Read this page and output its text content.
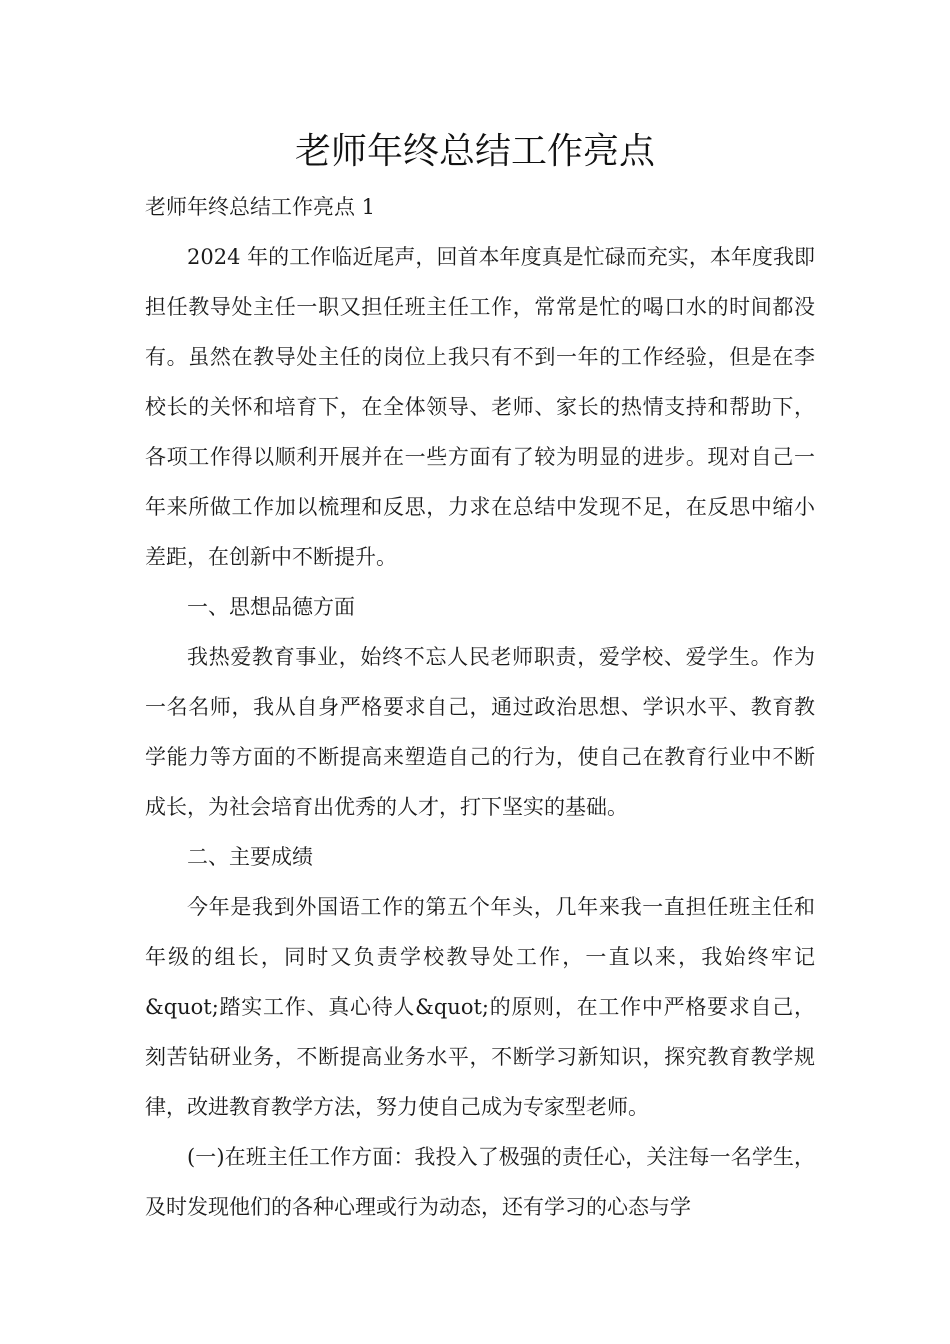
老师年终总结工作亮点

老师年终总结工作亮点 1

2024 年的工作临近尾声，回首本年度真是忙碌而充实，本年度我即担任教导处主任一职又担任班主任工作，常常是忙的喝口水的时间都没有。虽然在教导处主任的岗位上我只有不到一年的工作经验，但是在李校长的关怀和培育下，在全体领导、老师、家长的热情支持和帮助下，各项工作得以顺利开展并在一些方面有了较为明显的进步。现对自己一年来所做工作加以梳理和反思，力求在总结中发现不足，在反思中缩小差距，在创新中不断提升。

一、思想品德方面

我热爱教育事业，始终不忘人民老师职责，爱学校、爱学生。作为一名名师，我从自身严格要求自己，通过政治思想、学识水平、教育教学能力等方面的不断提高来塑造自己的行为，使自己在教育行业中不断成长，为社会培育出优秀的人才，打下坚实的基础。

二、主要成绩

今年是我到外国语工作的第五个年头，几年来我一直担任班主任和年级的组长，同时又负责学校教导处工作，一直以来，我始终牢记&quot;踏实工作、真心待人&quot;的原则，在工作中严格要求自己，刻苦钻研业务，不断提高业务水平，不断学习新知识，探究教育教学规律，改进教育教学方法，努力使自己成为专家型老师。

(一)在班主任工作方面：我投入了极强的责任心，关注每一名学生，及时发现他们的各种心理或行为动态，还有学习的心态与学
